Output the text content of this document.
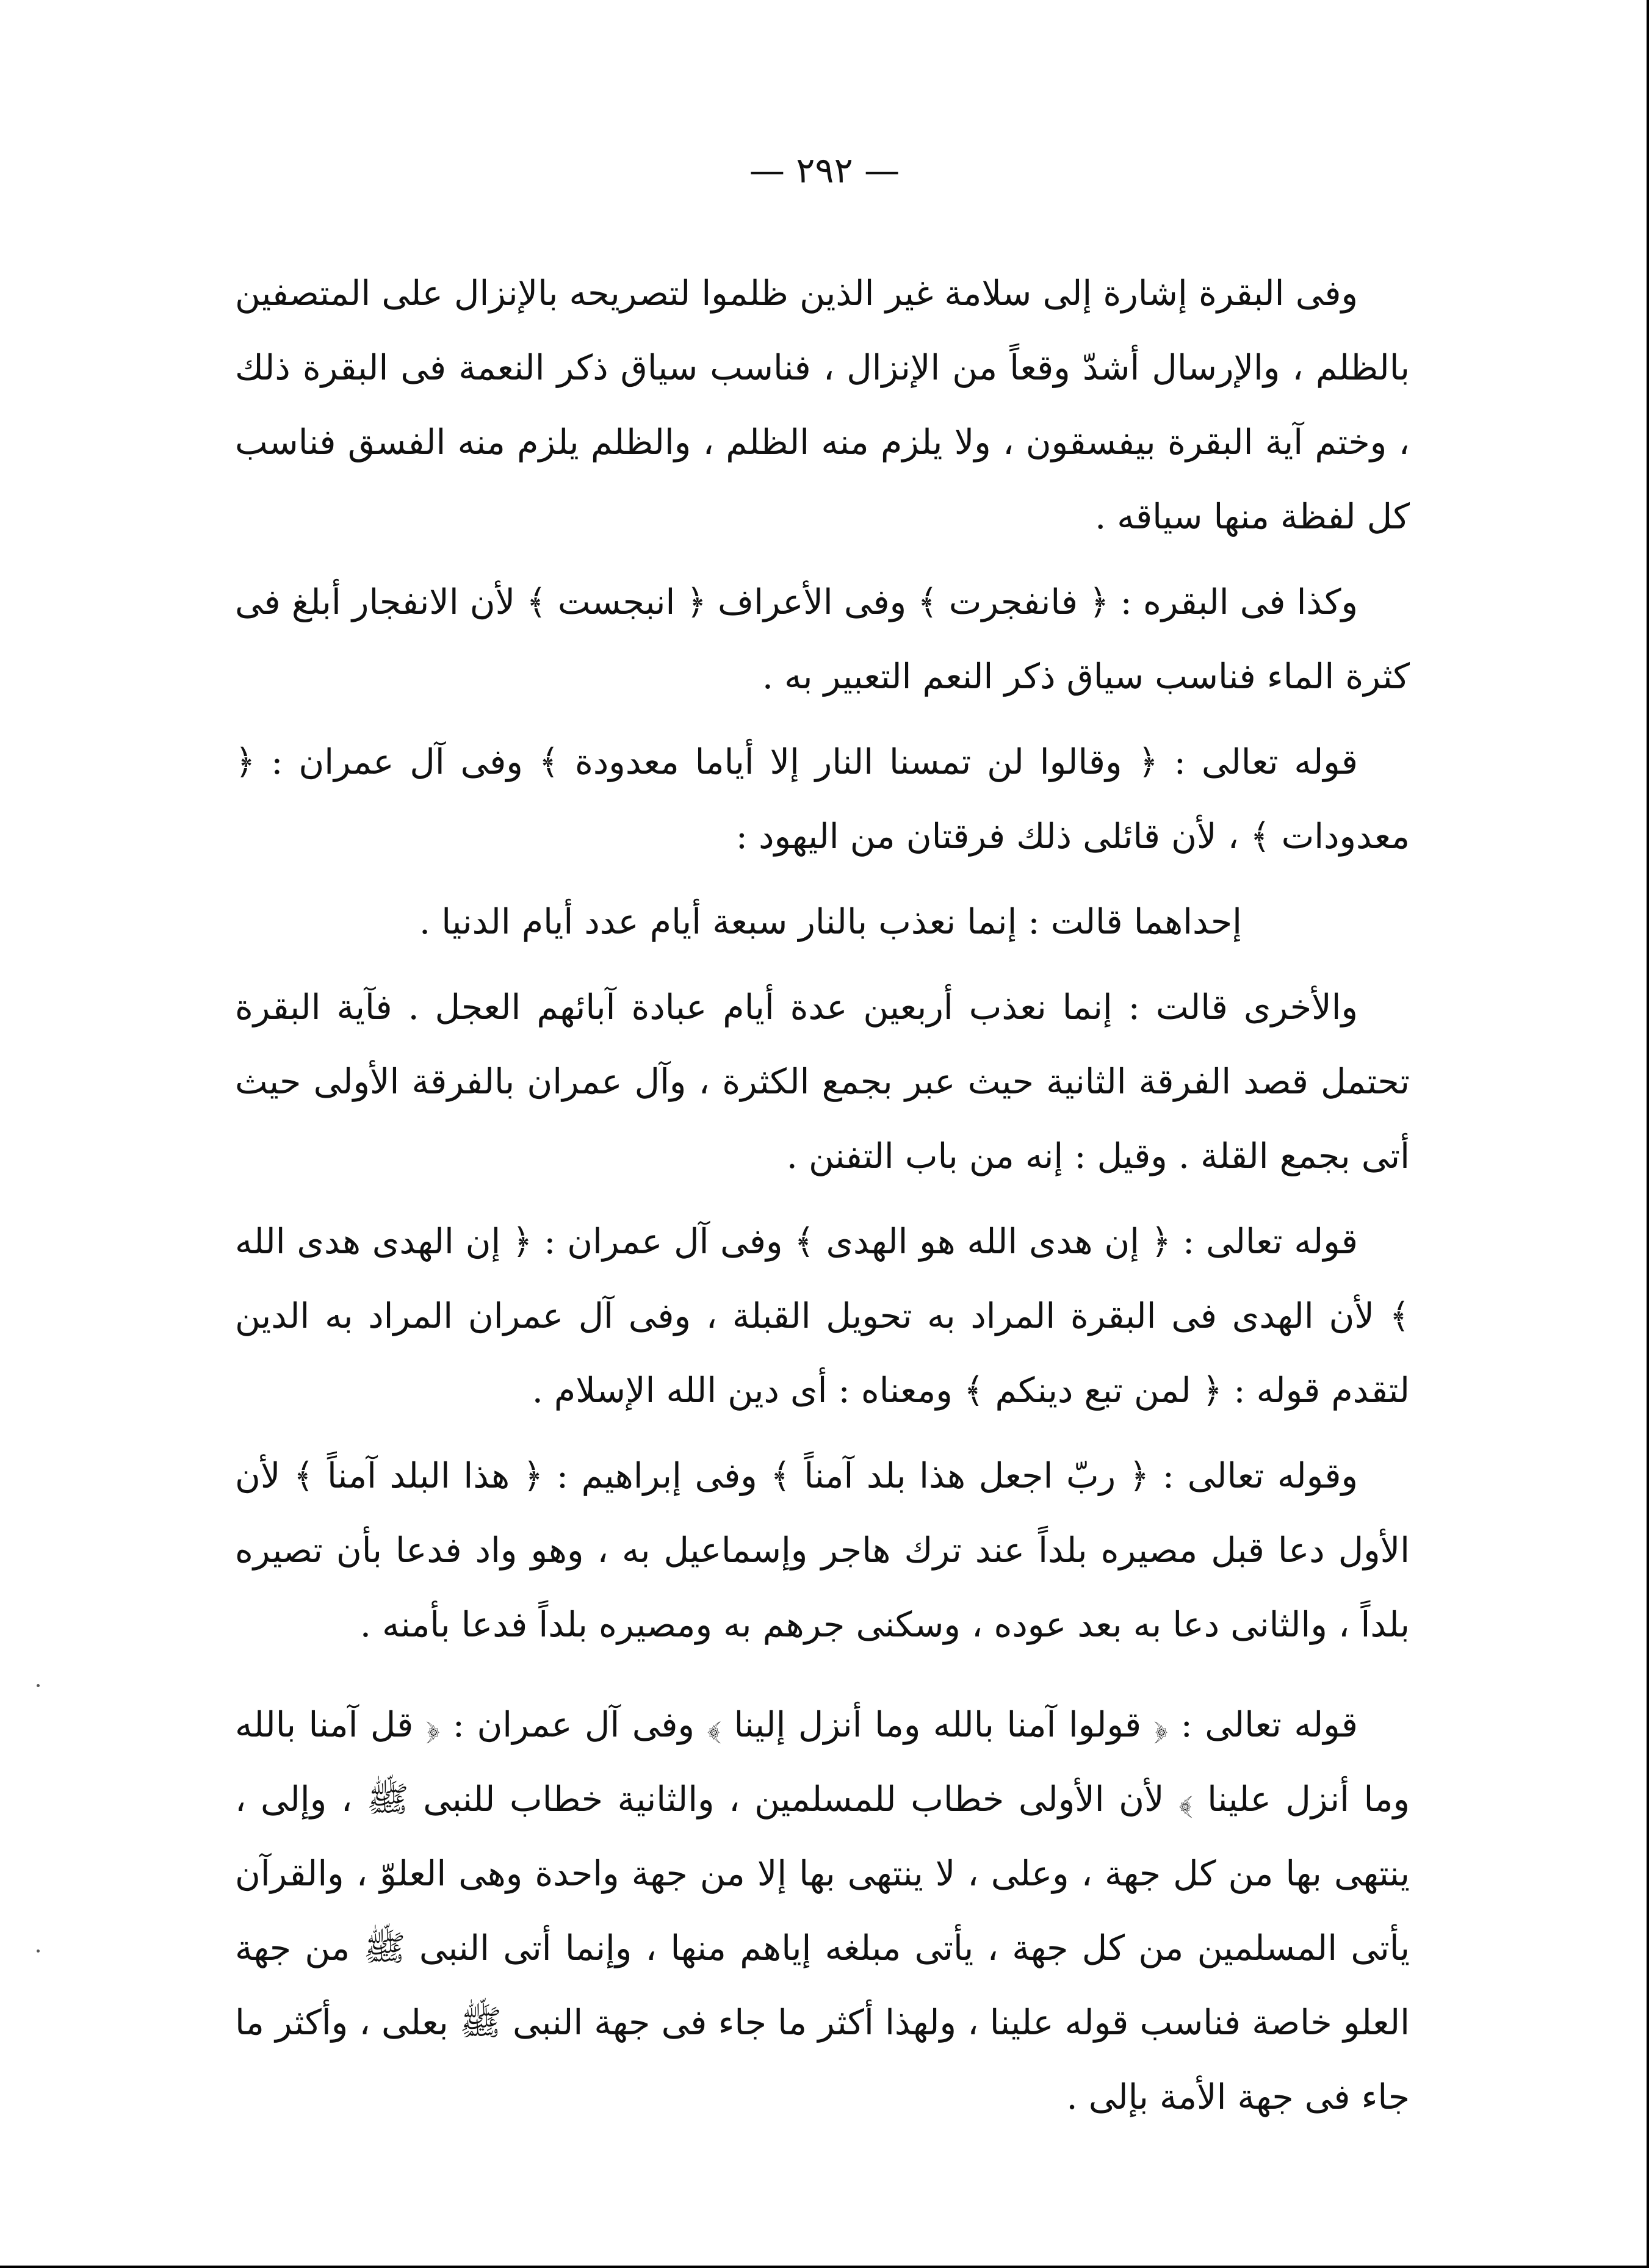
— ٢٩٢ —

وفى البقرة إشارة إلى سلامة غير الذين ظلموا لتصريحه بالإنزال على المتصفين بالظلم ، والإرسال أشدّ وقعاً من الإنزال ، فناسب سياق ذكر النعمة فى البقرة ذلك ، وختم آية البقرة بيفسقون ، ولا يلزم منه الظلم ، والظلم يلزم منه الفسق فناسب كل لفظة منها سياقه .

وكذا فى البقره : ﴿ فانفجرت ﴾ وفى الأعراف ﴿ انبجست ﴾ لأن الانفجار أبلغ فى كثرة الماء فناسب سياق ذكر النعم التعبير به .

قوله تعالى : ﴿ وقالوا لن تمسنا النار إلا أياما معدودة ﴾ وفى آل عمران : ﴿ معدودات ﴾ ، لأن قائلى ذلك فرقتان من اليهود :

إحداهما قالت : إنما نعذب بالنار سبعة أيام عدد أيام الدنيا .

والأخرى قالت : إنما نعذب أربعين عدة أيام عبادة آبائهم العجل . فآية البقرة تحتمل قصد الفرقة الثانية حيث عبر بجمع الكثرة ، وآل عمران بالفرقة الأولى حيث أتى بجمع القلة . وقيل : إنه من باب التفنن .

قوله تعالى : ﴿ إن هدى الله هو الهدى ﴾ وفى آل عمران : ﴿ إن الهدى هدى الله ﴾ لأن الهدى فى البقرة المراد به تحويل القبلة ، وفى آل عمران المراد به الدين لتقدم قوله : ﴿ لمن تبع دينكم ﴾ ومعناه : أى دين الله الإسلام .

وقوله تعالى : ﴿ ربّ اجعل هذا بلد آمناً ﴾ وفى إبراهيم : ﴿ هذا البلد آمناً ﴾ لأن الأول دعا قبل مصيره بلداً عند ترك هاجر وإسماعيل به ، وهو واد فدعا بأن تصيره بلداً ، والثانى دعا به بعد عوده ، وسكنى جرهم به ومصيره بلداً فدعا بأمنه .

قوله تعالى : ﴿ قولوا آمنا بالله وما أنزل إلينا ﴾ وفى آل عمران : ﴿ قل آمنا بالله وما أنزل علينا ﴾ لأن الأولى خطاب للمسلمين ، والثانية خطاب للنبى ﷺ ، وإلى ، ينتهى بها من كل جهة ، وعلى ، لا ينتهى بها إلا من جهة واحدة وهى العلوّ ، والقرآن يأتى المسلمين من كل جهة ، يأتى مبلغه إياهم منها ، وإنما أتى النبى ﷺ من جهة العلو خاصة فناسب قوله علينا ، ولهذا أكثر ما جاء فى جهة النبى ﷺ بعلى ، وأكثر ما جاء فى جهة الأمة بإلى .
